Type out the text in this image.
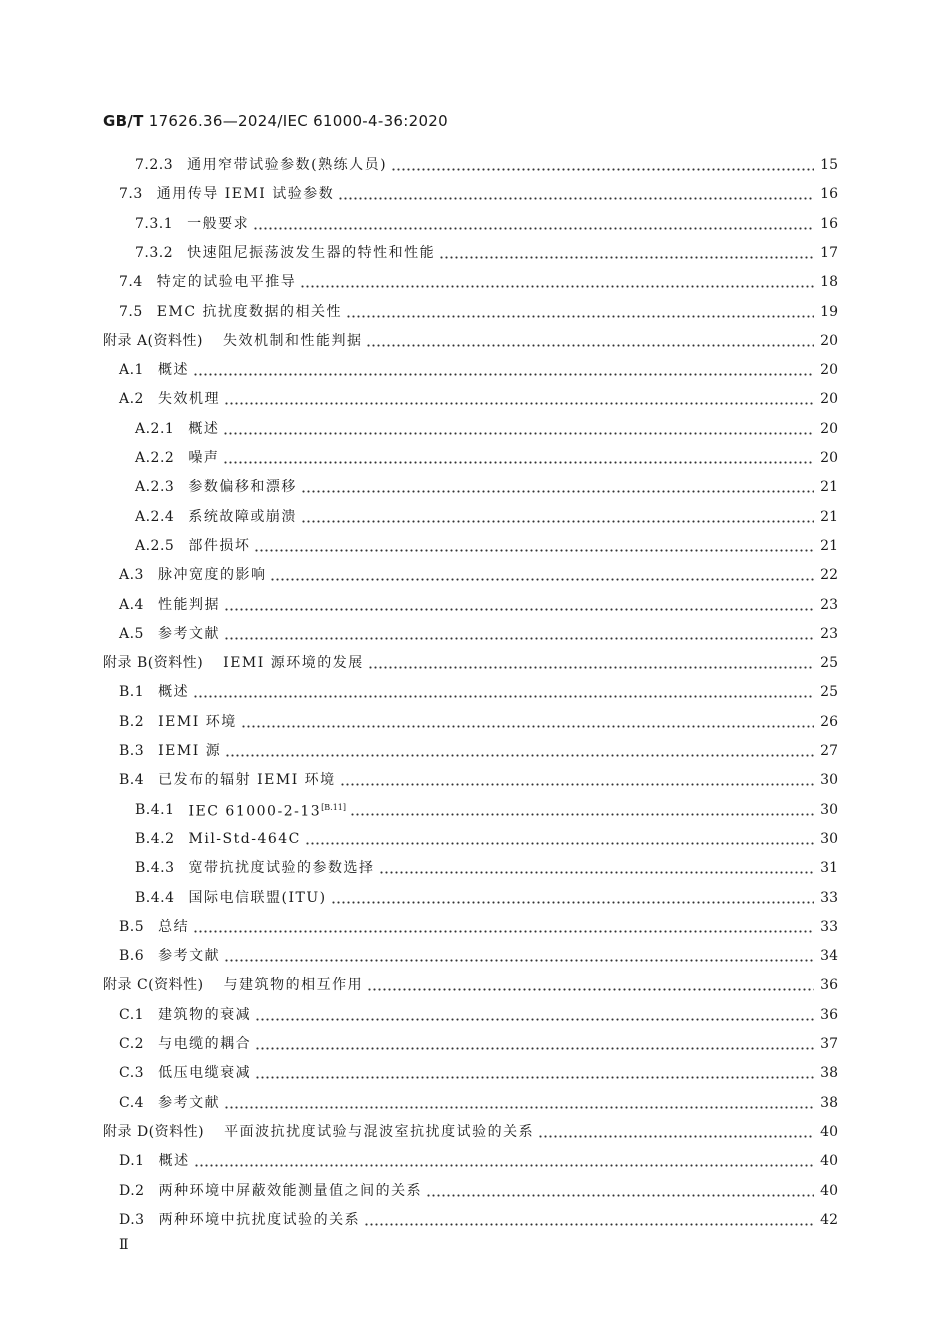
GB/T 17626.36—2024/IEC 61000-4-36:2020
7.2.3 通用窄带试验参数(熟练人员)	15
7.3 通用传导 IEMI 试验参数	16
7.3.1 一般要求	16
7.3.2 快速阻尼振荡波发生器的特性和性能	17
7.4 特定的试验电平推导	18
7.5 EMC 抗扰度数据的相关性	19
附录 A(资料性) 失效机制和性能判据	20
A.1 概述	20
A.2 失效机理	20
A.2.1 概述	20
A.2.2 噪声	20
A.2.3 参数偏移和漂移	21
A.2.4 系统故障或崩溃	21
A.2.5 部件损坏	21
A.3 脉冲宽度的影响	22
A.4 性能判据	23
A.5 参考文献	23
附录 B(资料性) IEMI 源环境的发展	25
B.1 概述	25
B.2 IEMI 环境	26
B.3 IEMI 源	27
B.4 已发布的辐射 IEMI 环境	30
B.4.1 IEC 61000-2-13[B.11]	30
B.4.2 Mil-Std-464C	30
B.4.3 宽带抗扰度试验的参数选择	31
B.4.4 国际电信联盟(ITU)	33
B.5 总结	33
B.6 参考文献	34
附录 C(资料性) 与建筑物的相互作用	36
C.1 建筑物的衰减	36
C.2 与电缆的耦合	37
C.3 低压电缆衰减	38
C.4 参考文献	38
附录 D(资料性) 平面波抗扰度试验与混波室抗扰度试验的关系	40
D.1 概述	40
D.2 两种环境中屏蔽效能测量值之间的关系	40
D.3 两种环境中抗扰度试验的关系	42
Ⅱ
